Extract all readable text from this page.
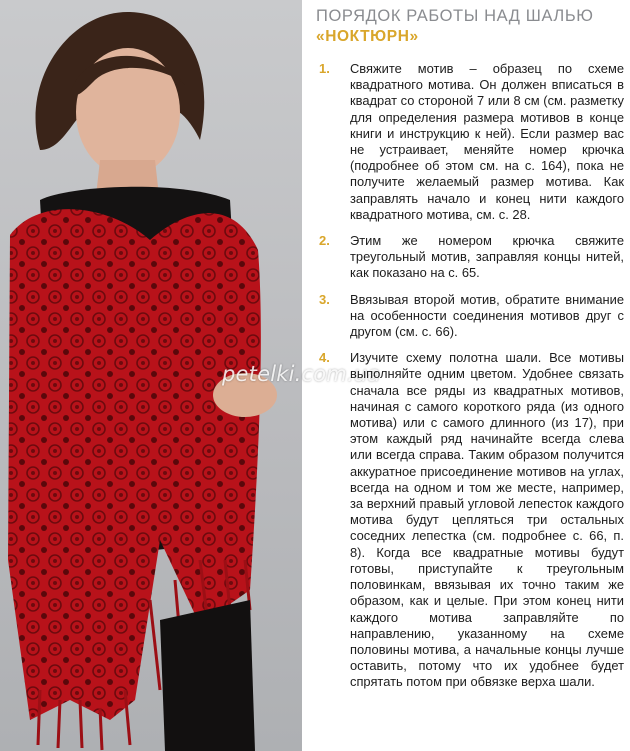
petelki.com.ua
ПОРЯДОК РАБОТЫ НАД ШАЛЬЮ
«НОКТЮРН»
1. Свяжите мотив – образец по схеме квадратного мотива. Он должен вписаться в квадрат со стороной 7 или 8 см (см. разметку для определения размера мотивов в конце книги и инструкцию к ней). Если размер вас не устраивает, меняйте номер крючка (подробнее об этом см. на с. 164), пока не получите желаемый размер мотива. Как заправлять начало и конец нити каждого квадратного мотива, см. с. 28.
2. Этим же номером крючка свяжите треугольный мотив, заправляя концы нитей, как показано на с. 65.
3. Ввязывая второй мотив, обратите внимание на особенности соединения мотивов друг с другом (см. с. 66).
4. Изучите схему полотна шали. Все мотивы выполняйте одним цветом. Удобнее связать сначала все ряды из квадратных мотивов, начиная с самого короткого ряда (из одного мотива) или с самого длинного (из 17), при этом каждый ряд начинайте всегда слева или всегда справа. Таким образом получится аккуратное присоединение мотивов на углах, всегда на одном и том же месте, например, за верхний правый угловой лепесток каждого мотива будут цепляться три остальных соседних лепестка (см. подробнее с. 66, п. 8). Когда все квадратные мотивы будут готовы, приступайте к треугольным половинкам, ввязывая их точно таким же образом, как и целые. При этом конец нити каждого мотива заправляйте по направлению, указанному на схеме половины мотива, а начальные концы лучше оставить, потому что их удобнее будет спрятать потом при обвязке верха шали.
